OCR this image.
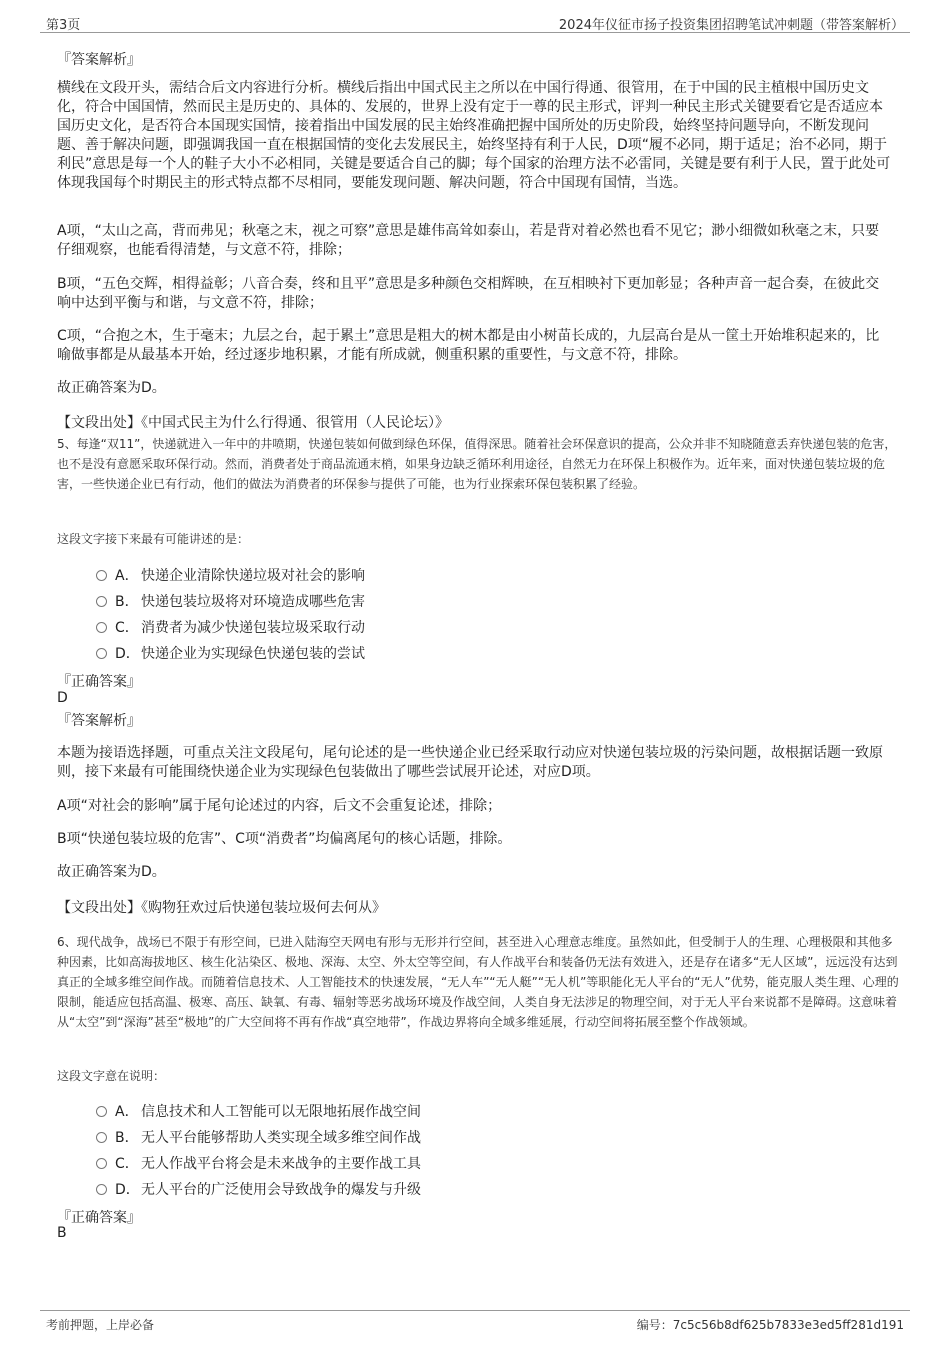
第3页	2024年仪征市扬子投资集团招聘笔试冲刺题（带答案解析）
『答案解析』
横线在文段开头，需结合后文内容进行分析。横线后指出中国式民主之所以在中国行得通、很管用，在于中国的民主植根中国历史文化，符合中国国情，然而民主是历史的、具体的、发展的，世界上没有定于一尊的民主形式，评判一种民主形式关键要看它是否适应本国历史文化，是否符合本国现实国情，接着指出中国发展的民主始终准确把握中国所处的历史阶段，始终坚持问题导向，不断发现问题、善于解决问题，即强调我国一直在根据国情的变化去发展民主，始终坚持有利于人民，D项“履不必同，期于适足；治不必同，期于利民”意思是每一个人的鞋子大小不必相同，关键是要适合自己的脚；每个国家的治理方法不必雷同，关键是要有利于人民，置于此处可体现我国每个时期民主的形式特点都不尽相同，要能发现问题、解决问题，符合中国现有国情，当选。
A项，“太山之高，背而弗见；秋毫之末，视之可察”意思是雄伟高耸如泰山，若是背对着必然也看不见它；渺小细微如秋毫之末，只要仔细观察，也能看得清楚，与文意不符，排除；
B项，“五色交辉，相得益彰；八音合奏，终和且平”意思是多种颜色交相辉映，在互相映衬下更加彰显；各种声音一起合奏，在彼此交响中达到平衡与和谐，与文意不符，排除；
C项，“合抱之木，生于毫末；九层之台，起于累土”意思是粗大的树木都是由小树苗长成的，九层高台是从一筐土开始堆积起来的，比喻做事都是从最基本开始，经过逐步地积累，才能有所成就，侧重积累的重要性，与文意不符，排除。
故正确答案为D。
【文段出处】《中国式民主为什么行得通、很管用（人民论坛）》
5、每逢“双11”，快递就进入一年中的井喷期，快递包装如何做到绿色环保，值得深思。随着社会环保意识的提高，公众并非不知晓随意丢弃快递包装的危害，也不是没有意愿采取环保行动。然而，消费者处于商品流通末梢，如果身边缺乏循环利用途径，自然无力在环保上积极作为。近年来，面对快递包装垃圾的危害，一些快递企业已有行动，他们的做法为消费者的环保参与提供了可能，也为行业探索环保包装积累了经验。
这段文字接下来最有可能讲述的是：
A． 快递企业清除快递垃圾对社会的影响
B． 快递包装垃圾将对环境造成哪些危害
C． 消费者为减少快递包装垃圾采取行动
D．快递企业为实现绿色快递包装的尝试
『正确答案』
D
『答案解析』
本题为接语选择题，可重点关注文段尾句，尾句论述的是一些快递企业已经采取行动应对快递包装垃圾的污染问题，故根据话题一致原则，接下来最有可能围绕快递企业为实现绿色包装做出了哪些尝试展开论述，对应D项。
A项“对社会的影响”属于尾句论述过的内容，后文不会重复论述，排除；
B项“快递包装垃圾的危害”、C项“消费者”均偏离尾句的核心话题，排除。
故正确答案为D。
【文段出处】《购物狂欢过后快递包装垃圾何去何从》
6、现代战争，战场已不限于有形空间，已进入陆海空天网电有形与无形并行空间，甚至进入心理意志维度。虽然如此，但受制于人的生理、心理极限和其他多种因素，比如高海拔地区、核生化沾染区、极地、深海、太空、外太空等空间，有人作战平台和装备仍无法有效进入，还是存在诸多“无人区域”，远远没有达到真正的全域多维空间作战。而随着信息技术、人工智能技术的快速发展，“无人车”“无人艇”“无人机”等职能化无人平台的“无人”优势，能克服人类生理、心理的限制，能适应包括高温、极寒、高压、缺氧、有毒、辐射等恶劣战场环境及作战空间，人类自身无法涉足的物理空间，对于无人平台来说都不是障碍。这意味着从“太空”到“深海”甚至“极地”的广大空间将不再有作战“真空地带”，作战边界将向全域多维延展，行动空间将拓展至整个作战领域。
这段文字意在说明：
A． 信息技术和人工智能可以无限地拓展作战空间
B． 无人平台能够帮助人类实现全域多维空间作战
C． 无人作战平台将会是未来战争的主要作战工具
D．无人平台的广泛使用会导致战争的爆发与升级
『正确答案』
B
考前押题，上岸必备	编号：7c5c56b8df625b7833e3ed5ff281d191
